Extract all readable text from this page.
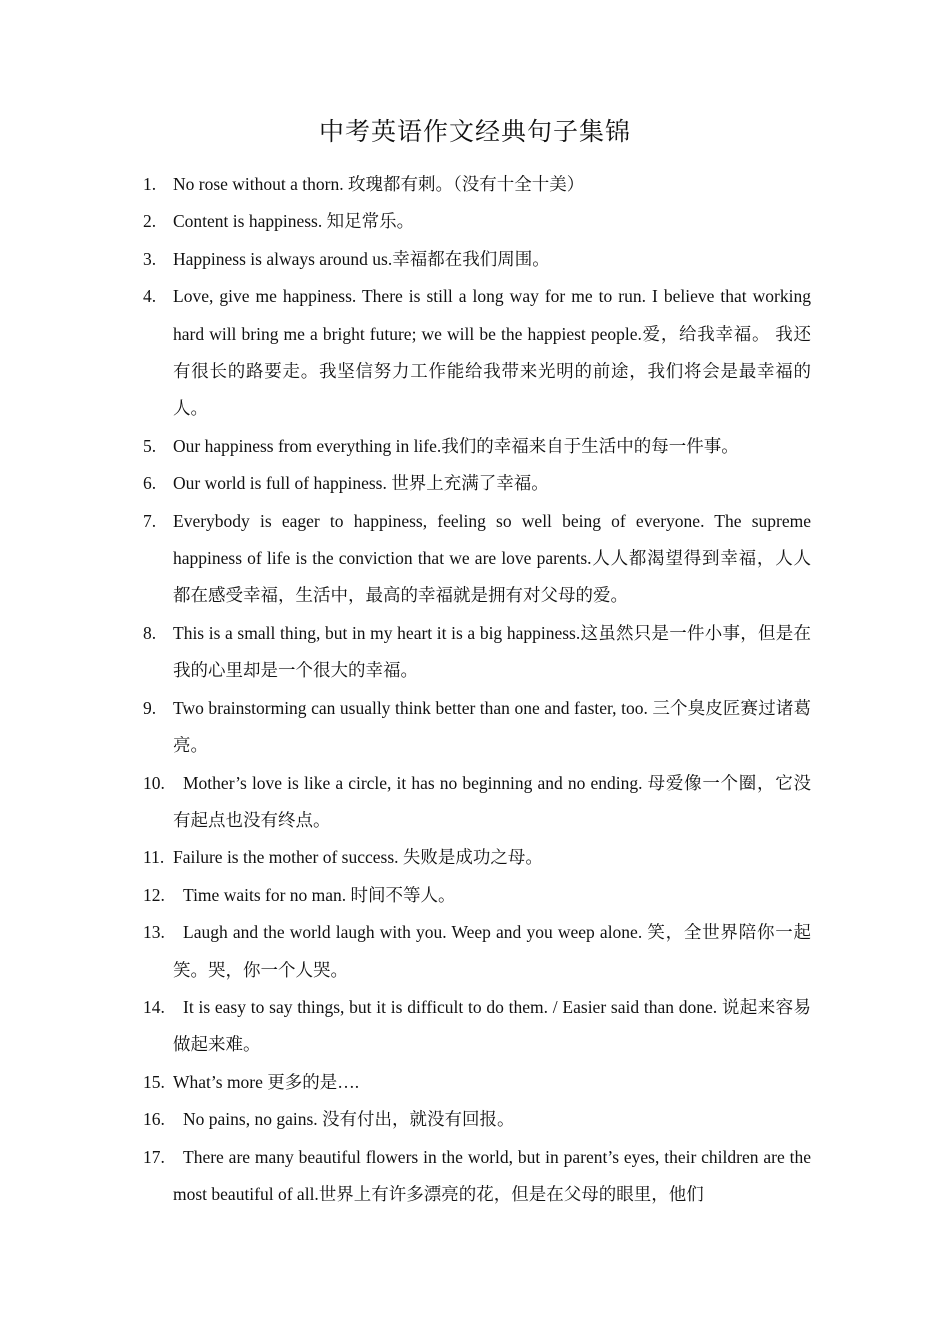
中考英语作文经典句子集锦
1. No rose without a thorn. 玫瑰都有刺。（没有十全十美）
2. Content is happiness. 知足常乐。
3. Happiness is always around us.幸福都在我们周围。
4. Love, give me happiness. There is still a long way for me to run. I believe that working hard will bring me a bright future; we will be the happiest people.爱，给我幸福。 我还有很长的路要走。我坚信努力工作能给我带来光明的前途，我们将会是最幸福的人。
5. Our happiness from everything in life.我们的幸福来自于生活中的每一件事。
6. Our world is full of happiness. 世界上充满了幸福。
7. Everybody is eager to happiness, feeling so well being of everyone. The supreme happiness of life is the conviction that we are love parents.人人都渴望得到幸福，人人都在感受幸福，生活中，最高的幸福就是拥有对父母的爱。
8. This is a small thing, but in my heart it is a big happiness.这虽然只是一件小事，但是在我的心里却是一个很大的幸福。
9. Two brainstorming can usually think better than one and faster, too. 三个臭皮匠赛过诸葛亮。
10. Mother’s love is like a circle, it has no beginning and no ending. 母爱像一个圈，它没有起点也没有终点。
11. Failure is the mother of success. 失败是成功之母。
12. Time waits for no man. 时间不等人。
13. Laugh and the world laugh with you. Weep and you weep alone. 笑，全世界陪你一起笑。哭，你一个人哭。
14. It is easy to say things, but it is difficult to do them. / Easier said than done. 说起来容易做起来难。
15. What’s more 更多的是….
16. No pains, no gains. 没有付出，就没有回报。
17. There are many beautiful flowers in the world, but in parent’s eyes, their children are the most beautiful of all.世界上有许多漂亮的花，但是在父母的眼里，他们
